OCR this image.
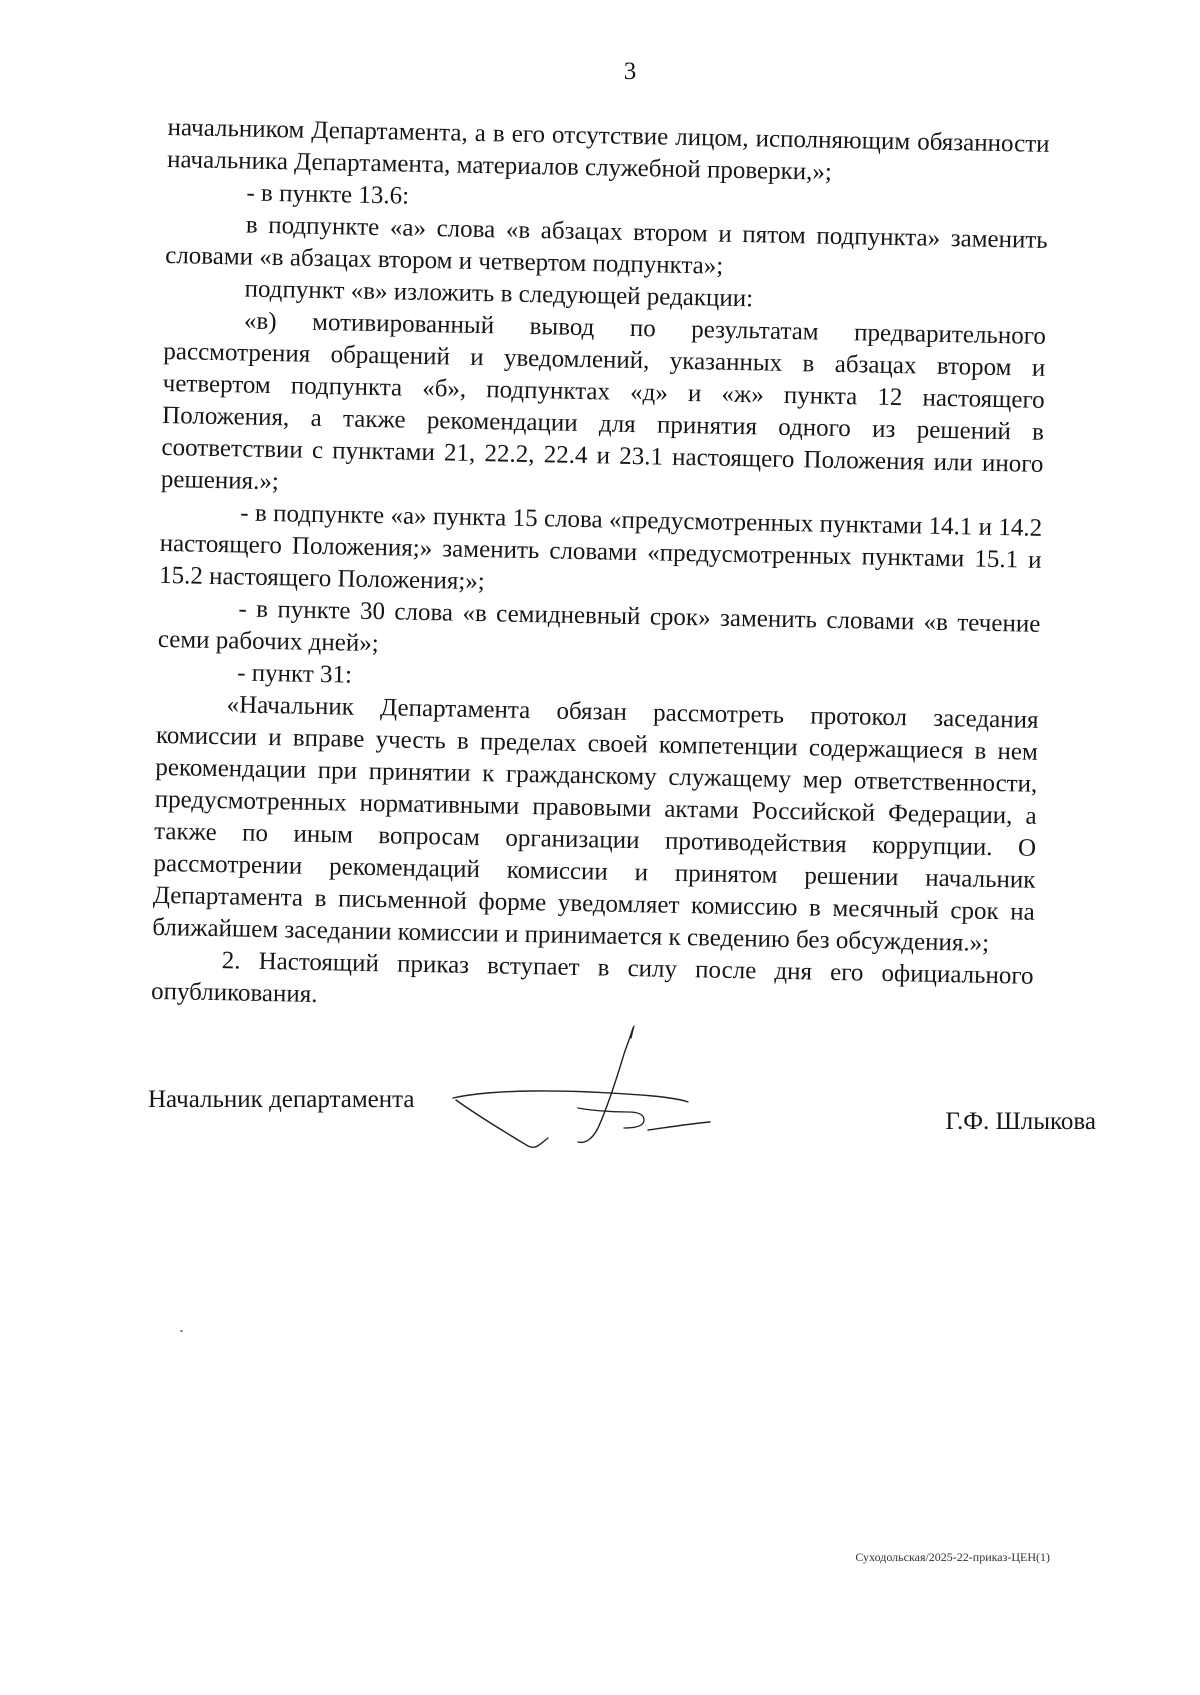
3

начальником Департамента, а в его отсутствие лицом, исполняющим обязанности начальника Департамента, материалов служебной проверки,»;

- в пункте 13.6:

в подпункте «а» слова «в абзацах втором и пятом подпункта» заменить словами «в абзацах втором и четвертом подпункта»;

подпункт «в» изложить в следующей редакции:

«в) мотивированный вывод по результатам предварительного рассмотрения обращений и уведомлений, указанных в абзацах втором и четвертом подпункта «б», подпунктах «д» и «ж» пункта 12 настоящего Положения, а также рекомендации для принятия одного из решений в соответствии с пунктами 21, 22.2, 22.4 и 23.1 настоящего Положения или иного решения.»;

- в подпункте «а» пункта 15 слова «предусмотренных пунктами 14.1 и 14.2 настоящего Положения;» заменить словами «предусмотренных пунктами 15.1 и 15.2 настоящего Положения;»;

- в пункте 30 слова «в семидневный срок» заменить словами «в течение семи рабочих дней»;

- пункт 31:

«Начальник Департамента обязан рассмотреть протокол заседания комиссии и вправе учесть в пределах своей компетенции содержащиеся в нем рекомендации при принятии к гражданскому служащему мер ответственности, предусмотренных нормативными правовыми актами Российской Федерации, а также по иным вопросам организации противодействия коррупции. О рассмотрении рекомендаций комиссии и принятом решении начальник Департамента в письменной форме уведомляет комиссию в месячный срок на ближайшем заседании комиссии и принимается к сведению без обсуждения.»;

2. Настоящий приказ вступает в силу после дня его официального опубликования.

Начальник департамента
Г.Ф. Шлыкова
Суходольская/2025-22-приказ-ЦЕН(1)
